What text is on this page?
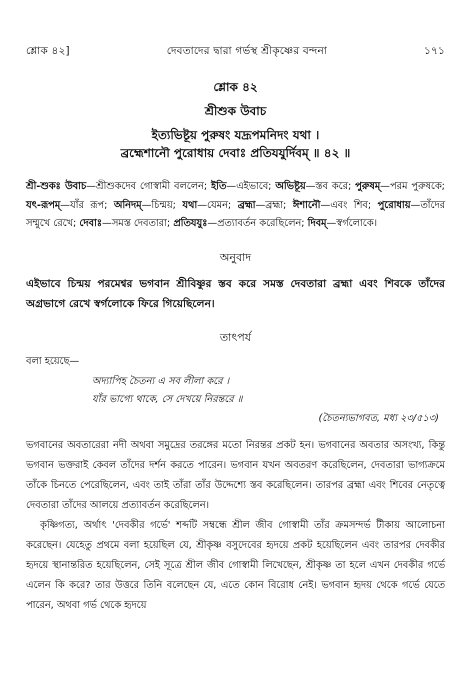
শ্লোক ৪২]	দেবতাদের দ্বারা গর্ভস্থ শ্রীকৃষ্ণের বন্দনা	১৭১
শ্লোক ৪২
শ্রীশুক উবাচ
ইত্যভিষ্টূয় পুরুষং যদ্রূপমনিদং যথা ।
ব্রহ্মেশানৌ পুরোধায় দেবাঃ প্রতিযযুর্দিবম্ ॥ ৪২ ॥
শ্রী-শুকঃ উবাচ—শ্রীশুকদেব গোস্বামী বললেন; ইতি—এইভাবে; অভিষ্টূয়—স্তব করে; পুরুষম্—পরম পুরুষকে; যৎ-রূপম্—যাঁর রূপ; অনিদম্—চিন্ময়; যথা—যেমন; ব্রহ্মা—ব্রহ্মা; ঈশানৌ—এবং শিব; পুরোধায়—তাঁদের সম্মুখে রেখে; দেবাঃ—সমস্ত দেবতারা; প্রতিযযুঃ—প্রত্যাবর্তন করেছিলেন; দিবম্—স্বর্গলোকে।
অনুবাদ
এইভাবে চিন্ময় পরমেশ্বর ভগবান শ্রীবিষ্ণুর স্তব করে সমস্ত দেবতারা ব্রহ্মা এবং শিবকে তাঁদের অগ্রভাগে রেখে স্বর্গলোকে ফিরে গিয়েছিলেন।
তাৎপর্য
বলা হয়েছে—
অদ্যাপিহ চৈতন্য এ সব লীলা করে ।
যাঁর ভাগ্যে থাকে, সে দেখয়ে নিরন্তরে ॥
(চৈতন্যভাগবত, মধ্য ২৩/৫১৩)
ভগবানের অবতারেরা নদী অথবা সমুদ্রের তরঙ্গের মতো নিরন্তর প্রকট হন। ভগবানের অবতার অসংখ্য, কিন্তু ভগবান ভক্তরাই কেবল তাঁদের দর্শন করতে পারেন। ভগবান যখন অবতরণ করেছিলেন, দেবতারা ভাগ্যক্রমে তাঁকে চিনতে পেরেছিলেন, এবং তাই তাঁরা তাঁর উদ্দেশ্যে স্তব করেছিলেন। তারপর ব্রহ্মা এবং শিবের নেতৃত্বে দেবতারা তাঁদের আলয়ে প্রত্যাবর্তন করেছিলেন।
কৃষ্ণিগত্য, অর্থাৎ 'দেবকীর গর্ভে' শব্দটি সম্বন্ধে শ্রীল জীব গোস্বামী তাঁর ক্রমসন্দর্ভ টীকায় আলোচনা করেছেন। যেহেতু প্রথমে বলা হয়েছিল যে, শ্রীকৃষ্ণ বসুদেবের হৃদয়ে প্রকট হয়েছিলেন এবং তারপর দেবকীর হৃদয়ে স্থানান্তরিত হয়েছিলেন, সেই সূত্রে শ্রীল জীব গোস্বামী লিখেছেন, শ্রীকৃষ্ণ তা হলে এখন দেবকীর গর্ভে এলেন কি করে? তার উত্তরে তিনি বলেছেন যে, এতে কোন বিরোধ নেই। ভগবান হৃদয় থেকে গর্ভে যেতে পারেন, অথবা গর্ভ থেকে হৃদয়ে
